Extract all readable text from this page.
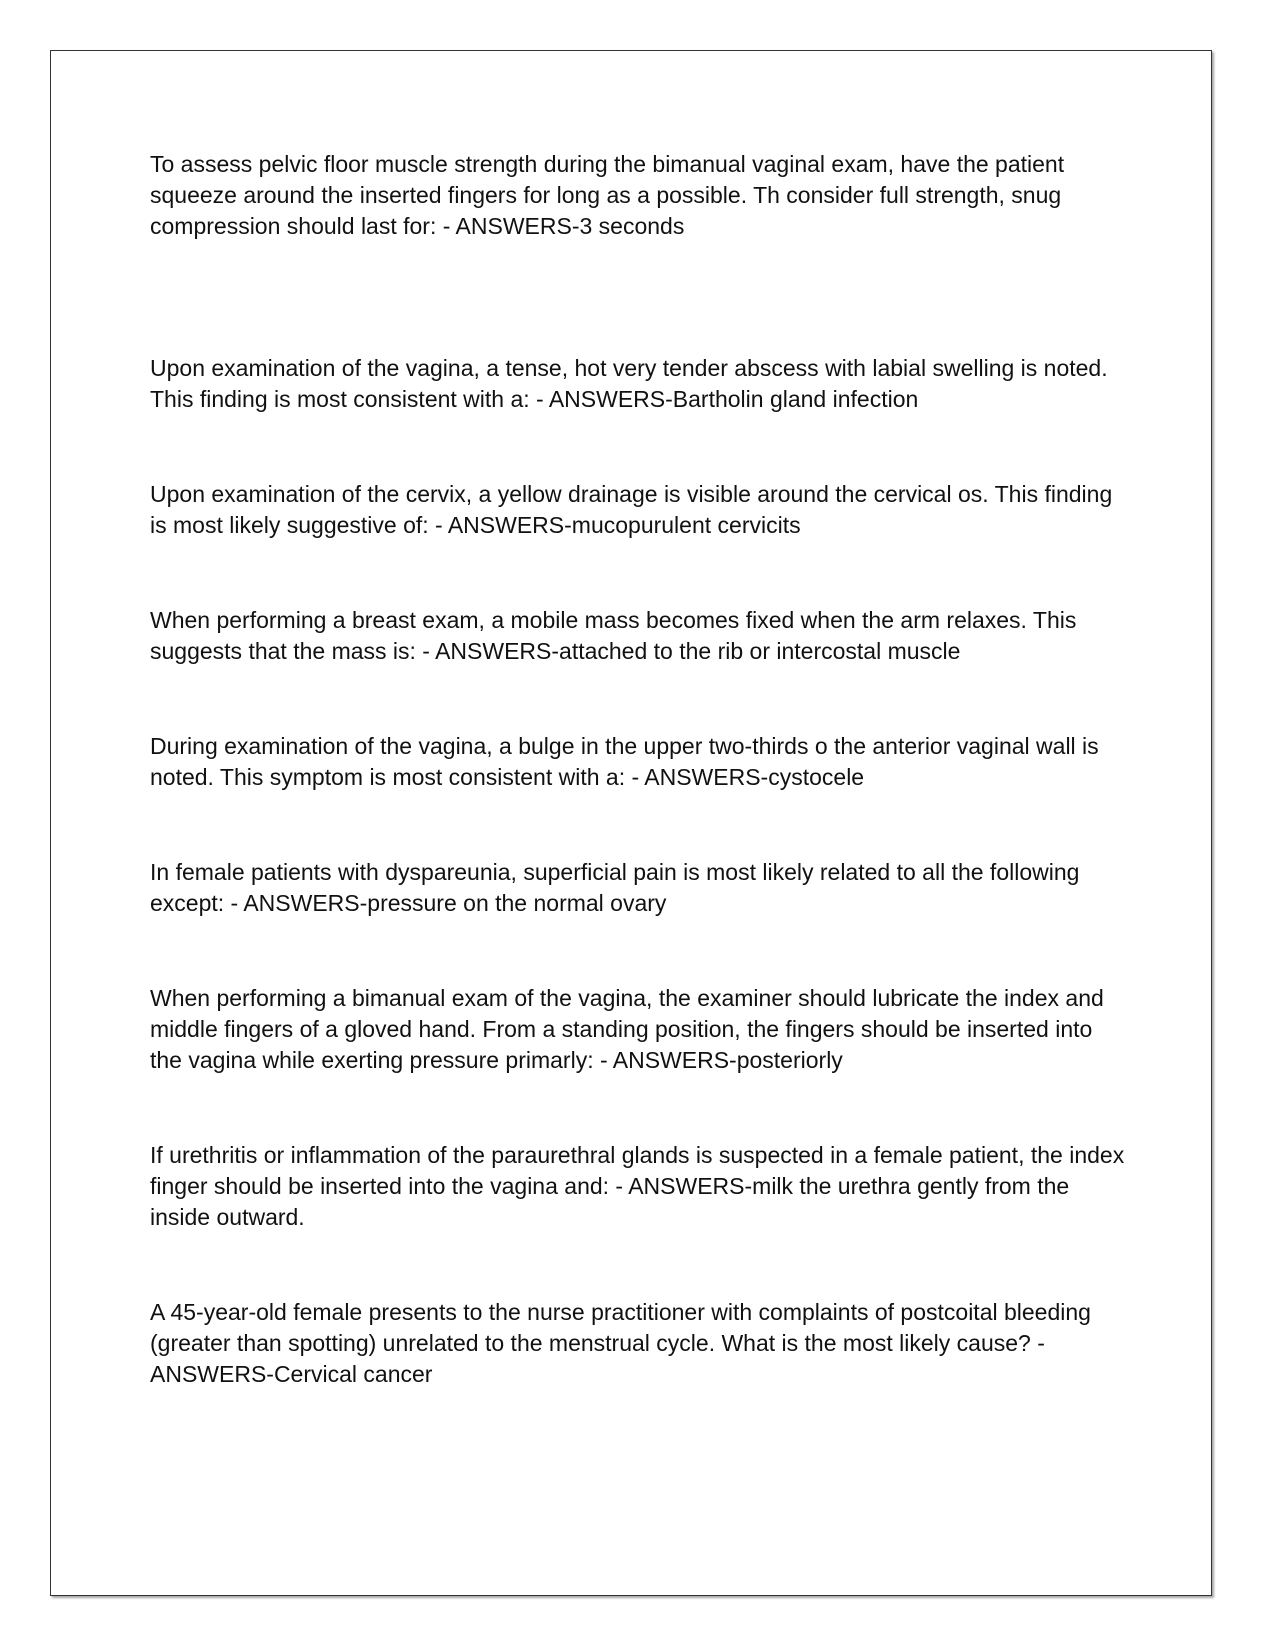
To assess pelvic floor muscle strength during the bimanual vaginal exam, have the patient squeeze around the inserted fingers for long as a possible. Th consider full strength, snug compression should last for: - ANSWERS-3 seconds

Upon examination of the vagina, a tense, hot very tender abscess with labial swelling is noted. This finding is most consistent with a: - ANSWERS-Bartholin gland infection

Upon examination of the cervix, a yellow drainage is visible around the cervical os. This finding is most likely suggestive of: - ANSWERS-mucopurulent cervicits

When performing a breast exam, a mobile mass becomes fixed when the arm relaxes. This suggests that the mass is: - ANSWERS-attached to the rib or intercostal muscle

During examination of the vagina, a bulge in the upper two-thirds o the anterior vaginal wall is noted. This symptom is most consistent with a: - ANSWERS-cystocele

In female patients with dyspareunia, superficial pain is most likely related to all the following except: - ANSWERS-pressure on the normal ovary

When performing a bimanual exam of the vagina, the examiner should lubricate the index and middle fingers of a gloved hand. From a standing position, the fingers should be inserted into the vagina while exerting pressure primarly: - ANSWERS-posteriorly

If urethritis or inflammation of the paraurethral glands is suspected in a female patient, the index finger should be inserted into the vagina and: - ANSWERS-milk the urethra gently from the inside outward.

A 45-year-old female presents to the nurse practitioner with complaints of postcoital bleeding (greater than spotting) unrelated to the menstrual cycle. What is the most likely cause? - ANSWERS-Cervical cancer
